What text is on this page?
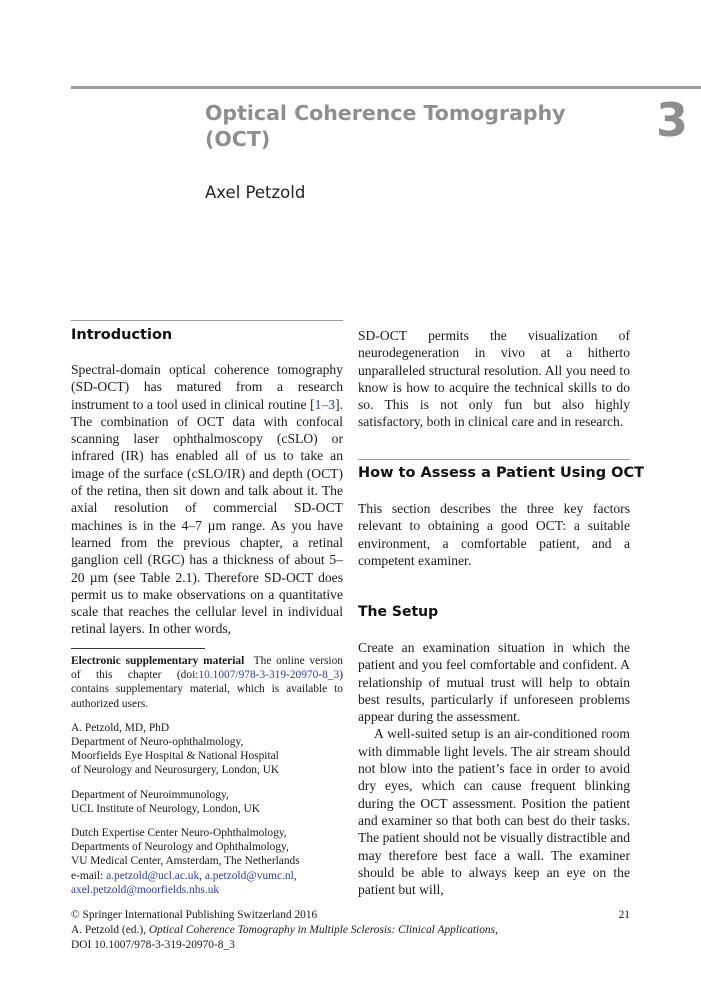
3
Optical Coherence Tomography
(OCT)
Axel Petzold
Introduction

Spectral-domain optical coherence tomography (SD-OCT) has matured from a research instrument to a tool used in clinical routine [1–3]. The combination of OCT data with confocal scanning laser ophthalmoscopy (cSLO) or infrared (IR) has enabled all of us to take an image of the surface (cSLO/IR) and depth (OCT) of the retina, then sit down and talk about it. The axial resolution of commercial SD-OCT machines is in the 4–7 µm range. As you have learned from the previous chapter, a retinal ganglion cell (RGC) has a thickness of about 5–20 µm (see Table 2.1). Therefore SD-OCT does permit us to make observations on a quantitative scale that reaches the cellular level in individual retinal layers. In other words,

Electronic supplementary material The online version of this chapter (doi:10.1007/978-3-319-20970-8_3) contains supplementary material, which is available to authorized users.

A. Petzold, MD, PhD
Department of Neuro-ophthalmology,
Moorfields Eye Hospital & National Hospital
of Neurology and Neurosurgery, London, UK

Department of Neuroimmunology,
UCL Institute of Neurology, London, UK

Dutch Expertise Center Neuro-Ophthalmology,
Departments of Neurology and Ophthalmology,
VU Medical Center, Amsterdam, The Netherlands
e-mail: a.petzold@ucl.ac.uk, a.petzold@vumc.nl,
axel.petzold@moorfields.nhs.uk

SD-OCT permits the visualization of neurodegeneration in vivo at a hitherto unparalleled structural resolution. All you need to know is how to acquire the technical skills to do so. This is not only fun but also highly satisfactory, both in clinical care and in research.

How to Assess a Patient Using OCT

This section describes the three key factors relevant to obtaining a good OCT: a suitable environment, a comfortable patient, and a competent examiner.

The Setup

Create an examination situation in which the patient and you feel comfortable and confident. A relationship of mutual trust will help to obtain best results, particularly if unforeseen problems appear during the assessment.

A well-suited setup is an air-conditioned room with dimmable light levels. The air stream should not blow into the patient’s face in order to avoid dry eyes, which can cause frequent blinking during the OCT assessment. Position the patient and examiner so that both can best do their tasks. The patient should not be visually distractible and may therefore best face a wall. The examiner should be able to always keep an eye on the patient but will,

© Springer International Publishing Switzerland 2016

A. Petzold (ed.), Optical Coherence Tomography in Multiple Sclerosis: Clinical Applications,

DOI 10.1007/978-3-319-20970-8_3

21
